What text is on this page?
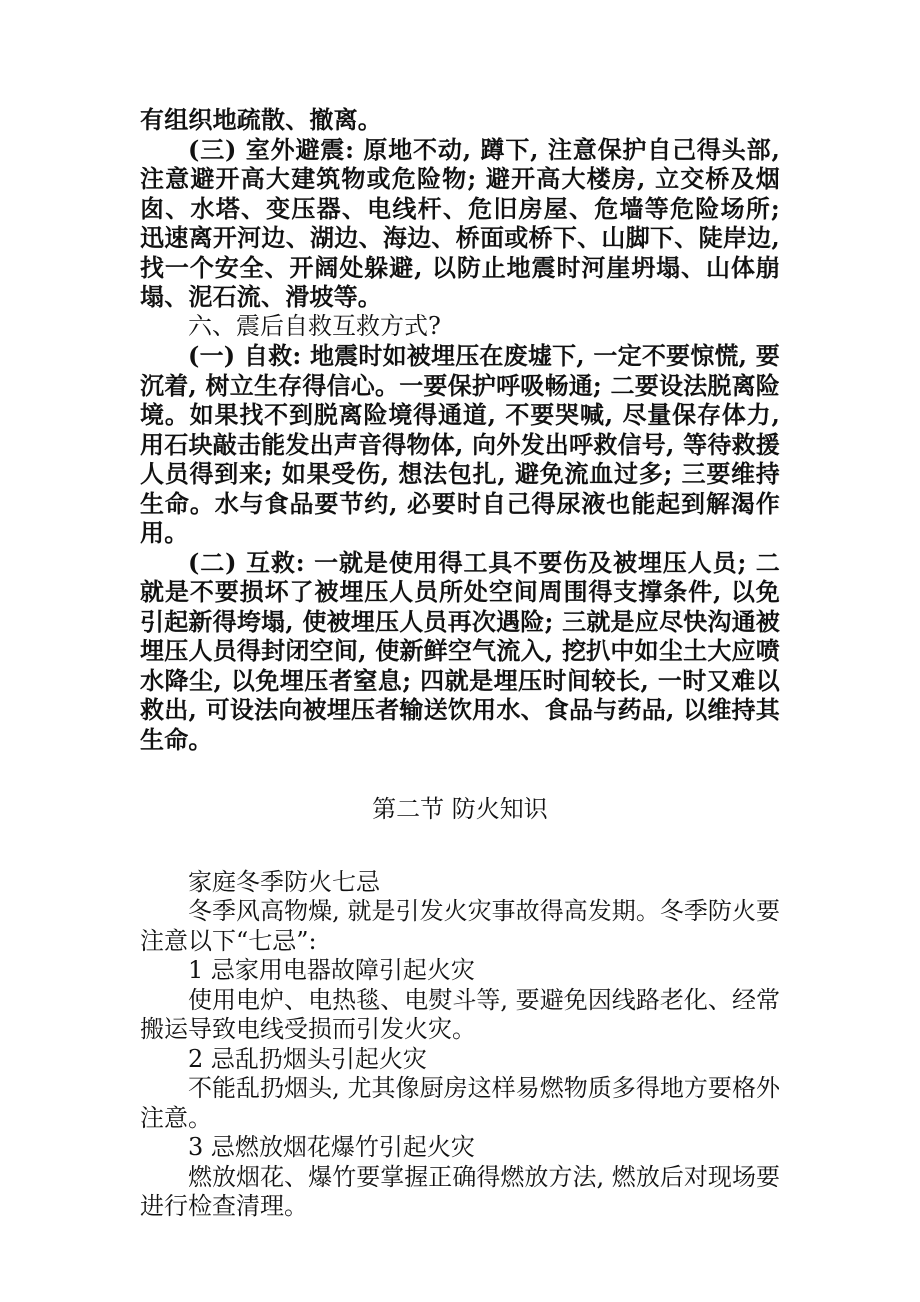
有组织地疏散、撤离。

(三) 室外避震: 原地不动, 蹲下, 注意保护自己得头部, 注意避开高大建筑物或危险物; 避开高大楼房, 立交桥及烟囱、水塔、变压器、电线杆、危旧房屋、危墙等危险场所; 迅速离开河边、湖边、海边、桥面或桥下、山脚下、陡岸边, 找一个安全、开阔处躲避, 以防止地震时河崖坍塌、山体崩塌、泥石流、滑坡等。

六、震后自救互救方式?

(一) 自救: 地震时如被埋压在废墟下, 一定不要惊慌, 要沉着, 树立生存得信心。一要保护呼吸畅通; 二要设法脱离险境。如果找不到脱离险境得通道, 不要哭喊, 尽量保存体力, 用石块敲击能发出声音得物体, 向外发出呼救信号, 等待救援人员得到来; 如果受伤, 想法包扎, 避免流血过多; 三要维持生命。水与食品要节约, 必要时自己得尿液也能起到解渴作用。

(二) 互救: 一就是使用得工具不要伤及被埋压人员; 二就是不要损坏了被埋压人员所处空间周围得支撑条件, 以免引起新得垮塌, 使被埋压人员再次遇险; 三就是应尽快沟通被埋压人员得封闭空间, 使新鲜空气流入, 挖扒中如尘土大应喷水降尘, 以免埋压者窒息; 四就是埋压时间较长, 一时又难以救出, 可设法向被埋压者输送饮用水、食品与药品, 以维持其生命。

第二节 防火知识

家庭冬季防火七忌

冬季风高物燥, 就是引发火灾事故得高发期。冬季防火要注意以下“七忌”:

1 忌家用电器故障引起火灾

使用电炉、电热毯、电熨斗等, 要避免因线路老化、经常搬运导致电线受损而引发火灾。

2 忌乱扔烟头引起火灾

不能乱扔烟头, 尤其像厨房这样易燃物质多得地方要格外注意。

3 忌燃放烟花爆竹引起火灾

燃放烟花、爆竹要掌握正确得燃放方法, 燃放后对现场要进行检查清理。
